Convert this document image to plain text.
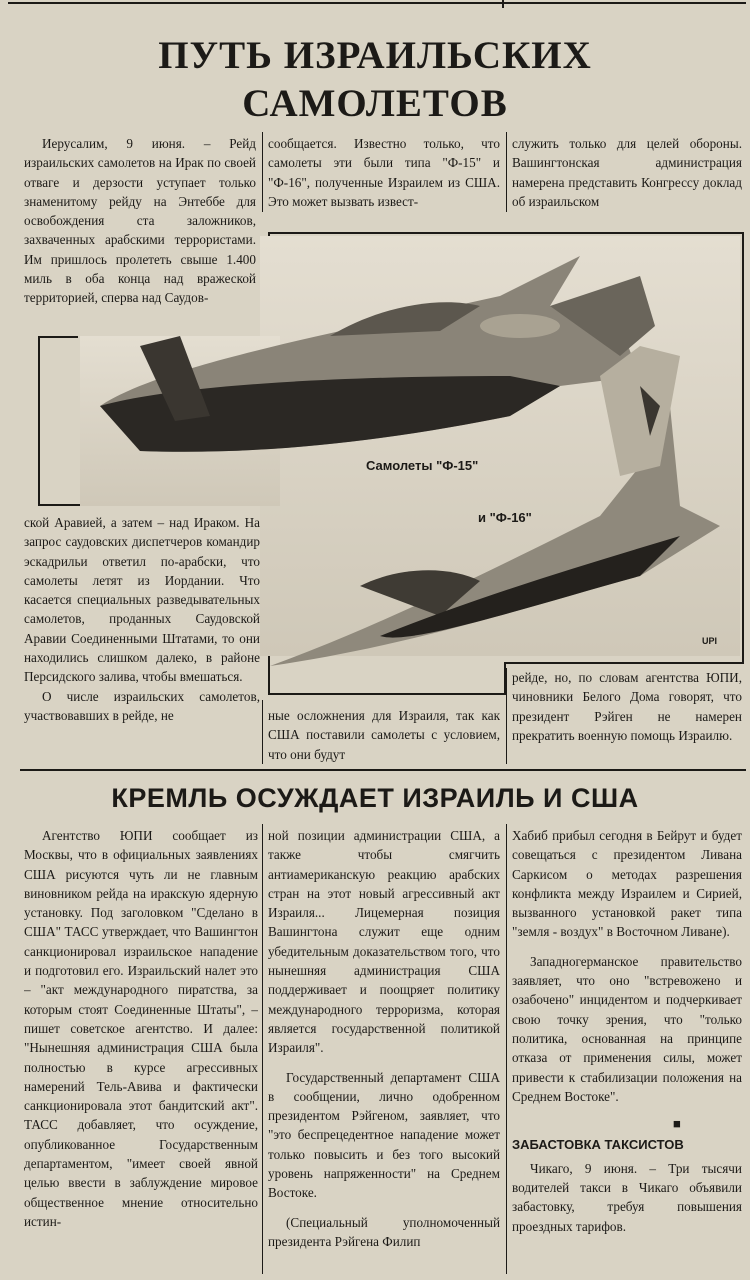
ПУТЬ ИЗРАИЛЬСКИХ
САМОЛЕТОВ
Иерусалим, 9 июня. – Рейд израильских самолетов на Ирак по своей отваге и дерзости уступает только знаменитому рейду на Энтеббе для освобождения ста заложников, захваченных арабскими террористами. Им пришлось пролететь свыше 1.400 миль в оба конца над вражеской территорией, сперва над Саудов-
сообщается. Известно только, что самолеты эти были типа "Ф-15" и "Ф-16", полученные Израилем из США. Это может вызвать извест-
служить только для целей обороны. Вашингтонская администрация намерена представить Конгрессу доклад об израильском
Самолеты "Ф-15"
и "Ф-16"
UPI

ской Аравией, а затем – над Ираком. На запрос саудовских диспетчеров командир эскадрильи ответил по-арабски, что самолеты летят из Иордании. Что касается специальных разведывательных самолетов, проданных Саудовской Аравии Соединенными Штатами, то они находились слишком далеко, в районе Персидского залива, чтобы вмешаться.

О числе израильских самолетов, участвовавших в рейде, не	ные осложнения для Израиля, так как США поставили самолеты с условием, что они будут
рейде, но, по словам агентства ЮПИ, чиновники Белого Дома говорят, что президент Рэйген не намерен прекратить военную помощь Израилю.
КРЕМЛЬ ОСУЖДАЕТ ИЗРАИЛЬ И США
Агентство ЮПИ сообщает из Москвы, что в официальных заявлениях США рисуются чуть ли не главным виновником рейда на иракскую ядерную установку. Под заголовком "Сделано в США" ТАСС утверждает, что Вашингтон санкционировал израильское нападение и подготовил его. Израильский налет это – "акт международного пиратства, за которым стоят Соединенные Штаты", – пишет советское агентство. И далее: "Нынешняя администрация США была полностью в курсе агрессивных намерений Тель-Авива и фактически санкционировала этот бандитский акт". ТАСС добавляет, что осуждение, опубликованное Государственным департаментом, "имеет своей явной целью ввести в заблуждение мировое общественное мнение относительно истин-

ной позиции администрации США, а также чтобы смягчить антиамериканскую реакцию арабских стран на этот новый агрессивный акт Израиля... Лицемерная позиция Вашингтона служит еще одним убедительным доказательством того, что нынешняя администрация США поддерживает и поощряет политику международного терроризма, которая является государственной политикой Израиля".

Государственный департамент США в сообщении, лично одобренном президентом Рэйгеном, заявляет, что "это беспрецедентное нападение может только повысить и без того высокий уровень напряженности" на Среднем Востоке.

(Специальный уполномоченный президента Рэйгена Филип

Хабиб прибыл сегодня в Бейрут и будет совещаться с президентом Ливана Саркисом о методах разрешения конфликта между Израилем и Сирией, вызванного установкой ракет типа "земля - воздух" в Восточном Ливане).

Западногерманское правительство заявляет, что оно "встревожено и озабочено" инцидентом и подчеркивает свою точку зрения, что "только политика, основанная на принципе отказа от применения силы, может привести к стабилизации положения на Среднем Востоке".

■

ЗАБАСТОВКА ТАКСИСТОВ

Чикаго, 9 июня. – Три тысячи водителей такси в Чикаго объявили забастовку, требуя повышения проездных тарифов.
